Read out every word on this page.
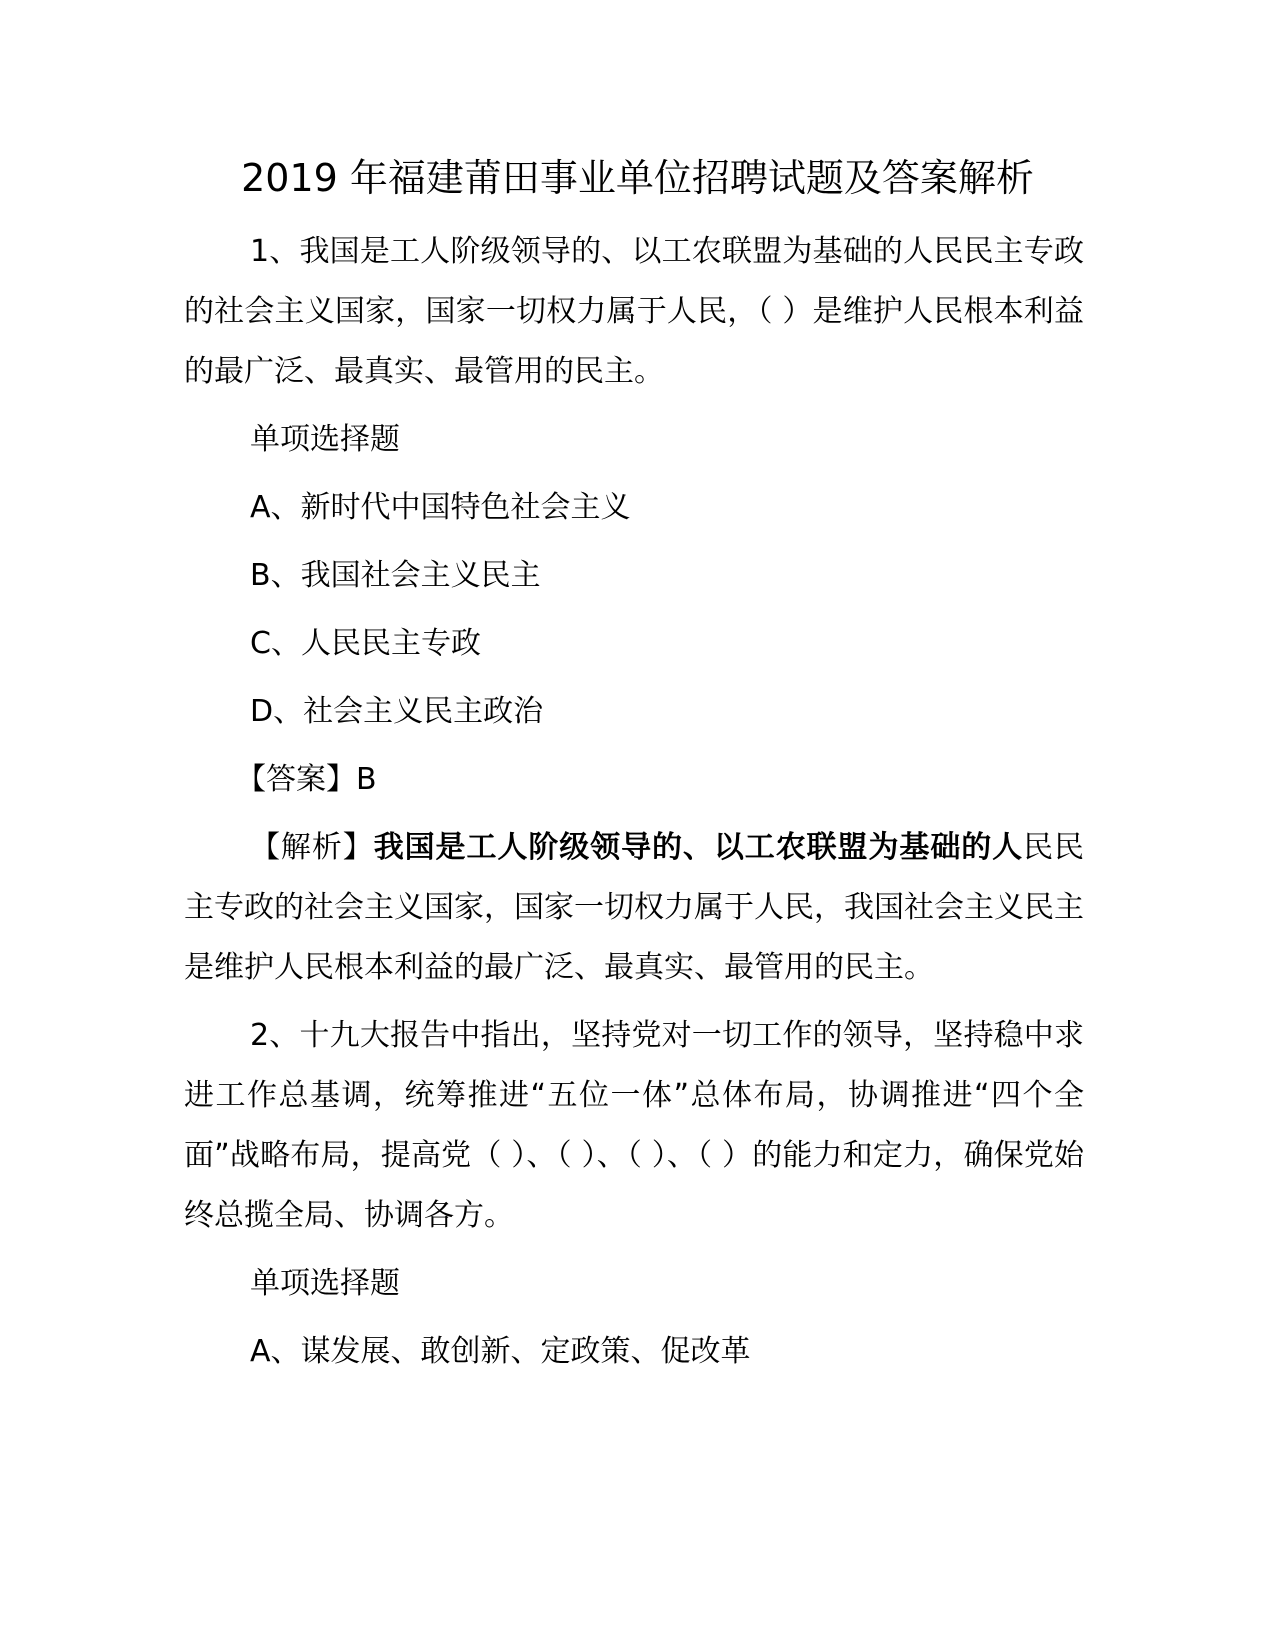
2019 年福建莆田事业单位招聘试题及答案解析
1、我国是工人阶级领导的、以工农联盟为基础的人民民主专政的社会主义国家，国家一切权力属于人民，（ ）是维护人民根本利益的最广泛、最真实、最管用的民主。
单项选择题
A、新时代中国特色社会主义
B、我国社会主义民主
C、人民民主专政
D、社会主义民主政治
【答案】B
【解析】我国是工人阶级领导的、以工农联盟为基础的人民民主专政的社会主义国家，国家一切权力属于人民，我国社会主义民主是维护人民根本利益的最广泛、最真实、最管用的民主。
2、十九大报告中指出，坚持党对一切工作的领导，坚持稳中求进工作总基调，统筹推进“五位一体”总体布局，协调推进“四个全面”战略布局，提高党（ ）、（ ）、（ ）、（ ）的能力和定力，确保党始终总揽全局、协调各方。
单项选择题
A、谋发展、敢创新、定政策、促改革
